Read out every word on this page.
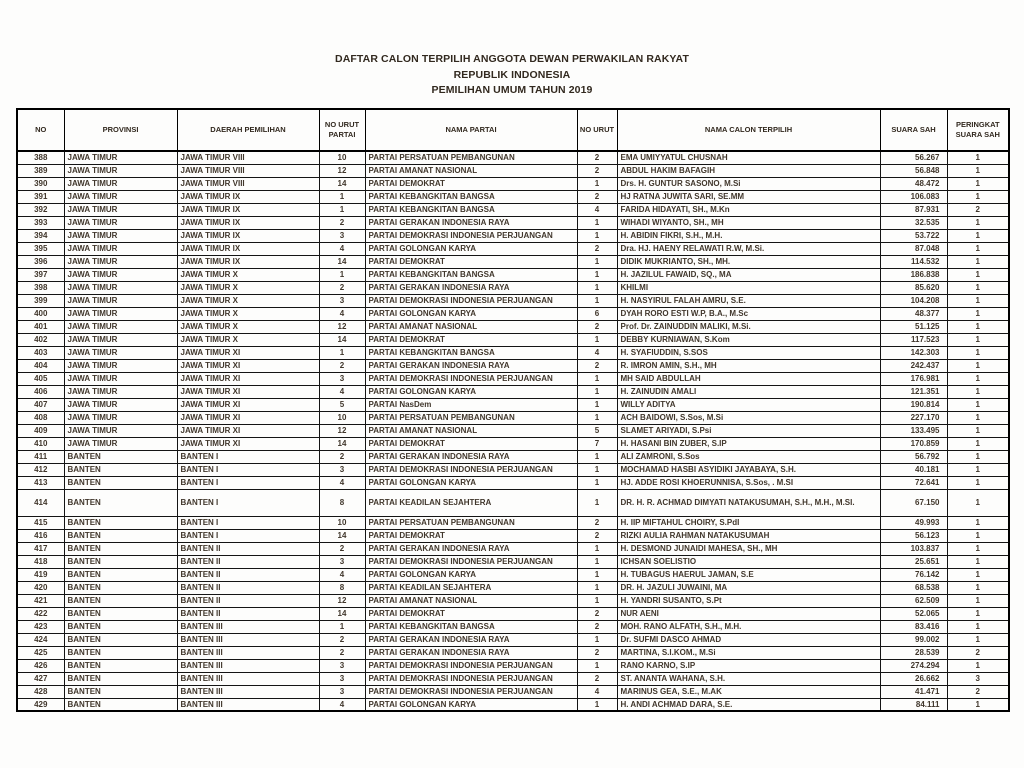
DAFTAR CALON TERPILIH ANGGOTA DEWAN PERWAKILAN RAKYAT
REPUBLIK INDONESIA
PEMILIHAN UMUM TAHUN 2019
NO	PROVINSI	DAERAH PEMILIHAN	NO URUT PARTAI	NAMA PARTAI	NO URUT	NAMA CALON TERPILIH	SUARA SAH	PERINGKAT SUARA SAH
388	JAWA TIMUR	JAWA TIMUR VIII	10	PARTAI PERSATUAN PEMBANGUNAN	2	EMA UMIYYATUL CHUSNAH	56.267	1
389	JAWA TIMUR	JAWA TIMUR VIII	12	PARTAI AMANAT NASIONAL	2	ABDUL HAKIM BAFAGIH	56.848	1
390	JAWA TIMUR	JAWA TIMUR VIII	14	PARTAI DEMOKRAT	1	Drs. H. GUNTUR SASONO, M.Si	48.472	1
391	JAWA TIMUR	JAWA TIMUR IX	1	PARTAI KEBANGKITAN BANGSA	2	HJ RATNA JUWITA SARI, SE.MM	106.083	1
392	JAWA TIMUR	JAWA TIMUR IX	1	PARTAI KEBANGKITAN BANGSA	4	FARIDA HIDAYATI, SH., M.Kn	87.931	2
393	JAWA TIMUR	JAWA TIMUR IX	2	PARTAI GERAKAN INDONESIA RAYA	1	WIHADI WIYANTO, SH., MH	32.535	1
394	JAWA TIMUR	JAWA TIMUR IX	3	PARTAI DEMOKRASI INDONESIA PERJUANGAN	1	H. ABIDIN FIKRI, S.H., M.H.	53.722	1
395	JAWA TIMUR	JAWA TIMUR IX	4	PARTAI GOLONGAN KARYA	2	Dra. HJ. HAENY RELAWATI R.W, M.Si.	87.048	1
396	JAWA TIMUR	JAWA TIMUR IX	14	PARTAI DEMOKRAT	1	DIDIK MUKRIANTO, SH., MH.	114.532	1
397	JAWA TIMUR	JAWA TIMUR X	1	PARTAI KEBANGKITAN BANGSA	1	H. JAZILUL FAWAID, SQ., MA	186.838	1
398	JAWA TIMUR	JAWA TIMUR X	2	PARTAI GERAKAN INDONESIA RAYA	1	KHILMI	85.620	1
399	JAWA TIMUR	JAWA TIMUR X	3	PARTAI DEMOKRASI INDONESIA PERJUANGAN	1	H. NASYIRUL FALAH AMRU, S.E.	104.208	1
400	JAWA TIMUR	JAWA TIMUR X	4	PARTAI GOLONGAN KARYA	6	DYAH RORO ESTI W.P, B.A., M.Sc	48.377	1
401	JAWA TIMUR	JAWA TIMUR X	12	PARTAI AMANAT NASIONAL	2	Prof. Dr. ZAINUDDIN MALIKI, M.Si.	51.125	1
402	JAWA TIMUR	JAWA TIMUR X	14	PARTAI DEMOKRAT	1	DEBBY KURNIAWAN, S.Kom	117.523	1
403	JAWA TIMUR	JAWA TIMUR XI	1	PARTAI KEBANGKITAN BANGSA	4	H. SYAFIUDDIN, S.SOS	142.303	1
404	JAWA TIMUR	JAWA TIMUR XI	2	PARTAI GERAKAN INDONESIA RAYA	2	R. IMRON AMIN, S.H., MH	242.437	1
405	JAWA TIMUR	JAWA TIMUR XI	3	PARTAI DEMOKRASI INDONESIA PERJUANGAN	1	MH SAID ABDULLAH	176.981	1
406	JAWA TIMUR	JAWA TIMUR XI	4	PARTAI GOLONGAN KARYA	1	H. ZAINUDIN AMALI	121.351	1
407	JAWA TIMUR	JAWA TIMUR XI	5	PARTAI NasDem	1	WILLY ADITYA	190.814	1
408	JAWA TIMUR	JAWA TIMUR XI	10	PARTAI PERSATUAN PEMBANGUNAN	1	ACH BAIDOWI, S.Sos, M.Si	227.170	1
409	JAWA TIMUR	JAWA TIMUR XI	12	PARTAI AMANAT NASIONAL	5	SLAMET ARIYADI, S.Psi	133.495	1
410	JAWA TIMUR	JAWA TIMUR XI	14	PARTAI DEMOKRAT	7	H. HASANI BIN ZUBER, S.IP	170.859	1
411	BANTEN	BANTEN I	2	PARTAI GERAKAN INDONESIA RAYA	1	ALI ZAMRONI, S.Sos	56.792	1
412	BANTEN	BANTEN I	3	PARTAI DEMOKRASI INDONESIA PERJUANGAN	1	MOCHAMAD HASBI ASYIDIKI JAYABAYA, S.H.	40.181	1
413	BANTEN	BANTEN I	4	PARTAI GOLONGAN KARYA	1	HJ. ADDE ROSI KHOERUNNISA, S.Sos, . M.SI	72.641	1
414	BANTEN	BANTEN I	8	PARTAI KEADILAN SEJAHTERA	1	DR. H. R. ACHMAD DIMYATI NATAKUSUMAH, S.H., M.H., M.SI.	67.150	1
415	BANTEN	BANTEN I	10	PARTAI PERSATUAN PEMBANGUNAN	2	H. IIP MIFTAHUL CHOIRY, S.PdI	49.993	1
416	BANTEN	BANTEN I	14	PARTAI DEMOKRAT	2	RIZKI AULIA RAHMAN NATAKUSUMAH	56.123	1
417	BANTEN	BANTEN II	2	PARTAI GERAKAN INDONESIA RAYA	1	H. DESMOND JUNAIDI MAHESA, SH., MH	103.837	1
418	BANTEN	BANTEN II	3	PARTAI DEMOKRASI INDONESIA PERJUANGAN	1	ICHSAN SOELISTIO	25.651	1
419	BANTEN	BANTEN II	4	PARTAI GOLONGAN KARYA	1	H. TUBAGUS HAERUL JAMAN, S.E	76.142	1
420	BANTEN	BANTEN II	8	PARTAI KEADILAN SEJAHTERA	1	DR. H. JAZULI JUWAINI, MA	68.538	1
421	BANTEN	BANTEN II	12	PARTAI AMANAT NASIONAL	1	H. YANDRI SUSANTO, S.Pt	62.509	1
422	BANTEN	BANTEN II	14	PARTAI DEMOKRAT	2	NUR AENI	52.065	1
423	BANTEN	BANTEN III	1	PARTAI KEBANGKITAN BANGSA	2	MOH. RANO ALFATH, S.H., M.H.	83.416	1
424	BANTEN	BANTEN III	2	PARTAI GERAKAN INDONESIA RAYA	1	Dr. SUFMI DASCO AHMAD	99.002	1
425	BANTEN	BANTEN III	2	PARTAI GERAKAN INDONESIA RAYA	2	MARTINA, S.I.KOM., M.Si	28.539	2
426	BANTEN	BANTEN III	3	PARTAI DEMOKRASI INDONESIA PERJUANGAN	1	RANO KARNO, S.IP	274.294	1
427	BANTEN	BANTEN III	3	PARTAI DEMOKRASI INDONESIA PERJUANGAN	2	ST. ANANTA WAHANA, S.H.	26.662	3
428	BANTEN	BANTEN III	3	PARTAI DEMOKRASI INDONESIA PERJUANGAN	4	MARINUS GEA, S.E., M.AK	41.471	2
429	BANTEN	BANTEN III	4	PARTAI GOLONGAN KARYA	1	H. ANDI ACHMAD DARA, S.E.	84.111	1
